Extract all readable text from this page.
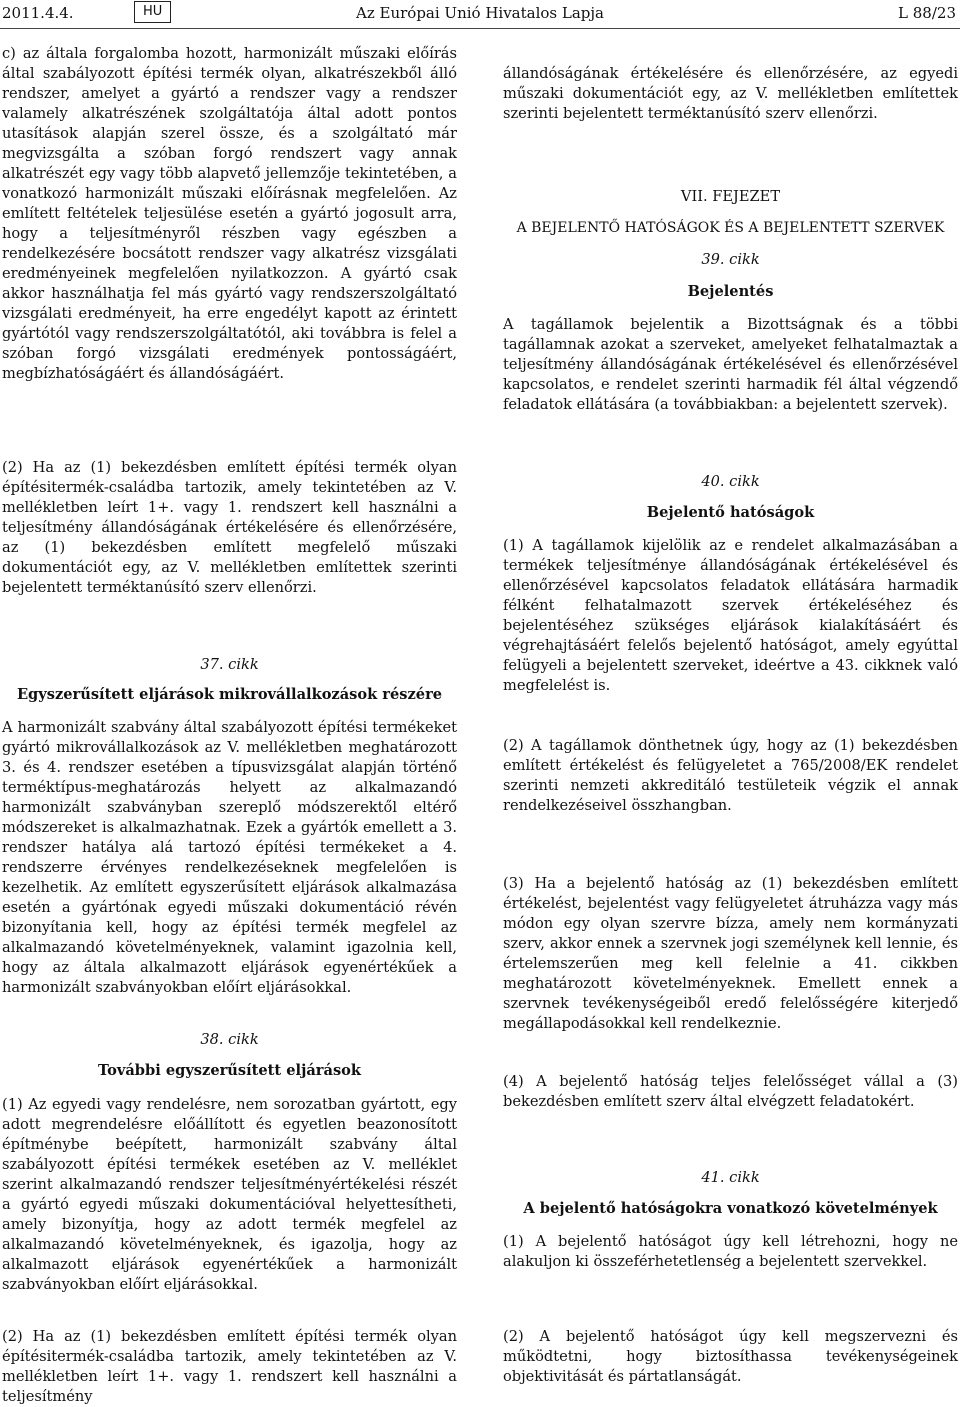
2011.4.4.	HU	Az Európai Unió Hivatalos Lapja	L 88/23

c) az általa forgalomba hozott, harmonizált műszaki előírás által szabályozott építési termék olyan, alkatrészekből álló rendszer, amelyet a gyártó a rendszer vagy a rendszer valamely alkatrészének szolgáltatója által adott pontos utasítások alapján szerel össze, és a szolgáltató már megvizsgálta a szóban forgó rendszert vagy annak alkatrészét egy vagy több alapvető jellemzője tekintetében, a vonatkozó harmonizált műszaki előírásnak megfelelően. Az említett feltételek teljesülése esetén a gyártó jogosult arra, hogy a teljesítményről részben vagy egészben a rendelkezésére bocsátott rendszer vagy alkatrész vizsgálati eredményeinek megfelelően nyilatkozzon. A gyártó csak akkor használhatja fel más gyártó vagy rendszerszolgáltató vizsgálati eredményeit, ha erre engedélyt kapott az érintett gyártótól vagy rendszerszolgáltatótól, aki továbbra is felel a szóban forgó vizsgálati eredmények pontosságáért, megbízhatóságáért és állandóságáért.

(2) Ha az (1) bekezdésben említett építési termék olyan építésitermék-családba tartozik, amely tekintetében az V. mellékletben leírt 1+. vagy 1. rendszert kell használni a teljesítmény állandóságának értékelésére és ellenőrzésére, az (1) bekezdésben említett megfelelő műszaki dokumentációt egy, az V. mellékletben említettek szerinti bejelentett terméktanúsító szerv ellenőrzi.

37. cikk

Egyszerűsített eljárások mikrovállalkozások részére

A harmonizált szabvány által szabályozott építési termékeket gyártó mikrovállalkozások az V. mellékletben meghatározott 3. és 4. rendszer esetében a típusvizsgálat alapján történő terméktípus-meghatározás helyett az alkalmazandó harmonizált szabványban szereplő módszerektől eltérő módszereket is alkalmazhatnak. Ezek a gyártók emellett a 3. rendszer hatálya alá tartozó építési termékeket a 4. rendszerre érvényes rendelkezéseknek megfelelően is kezelhetik. Az említett egyszerűsített eljárások alkalmazása esetén a gyártónak egyedi műszaki dokumentáció révén bizonyítania kell, hogy az építési termék megfelel az alkalmazandó követelményeknek, valamint igazolnia kell, hogy az általa alkalmazott eljárások egyenértékűek a harmonizált szabványokban előírt eljárásokkal.

38. cikk

További egyszerűsített eljárások

(1) Az egyedi vagy rendelésre, nem sorozatban gyártott, egy adott megrendelésre előállított és egyetlen beazonosított építménybe beépített, harmonizált szabvány által szabályozott építési termékek esetében az V. melléklet szerint alkalmazandó rendszer teljesítményértékelési részét a gyártó egyedi műszaki dokumentációval helyettesítheti, amely bizonyítja, hogy az adott termék megfelel az alkalmazandó követelményeknek, és igazolja, hogy az alkalmazott eljárások egyenértékűek a harmonizált szabványokban előírt eljárásokkal.

(2) Ha az (1) bekezdésben említett építési termék olyan építésitermék-családba tartozik, amely tekintetében az V. mellékletben leírt 1+. vagy 1. rendszert kell használni a teljesítmény

állandóságának értékelésére és ellenőrzésére, az egyedi műszaki dokumentációt egy, az V. mellékletben említettek szerinti bejelentett terméktanúsító szerv ellenőrzi.

VII. FEJEZET

A BEJELENTŐ HATÓSÁGOK ÉS A BEJELENTETT SZERVEK

39. cikk

Bejelentés

A tagállamok bejelentik a Bizottságnak és a többi tagállamnak azokat a szerveket, amelyeket felhatalmaztak a teljesítmény állandóságának értékelésével és ellenőrzésével kapcsolatos, e rendelet szerinti harmadik fél által végzendő feladatok ellátására (a továbbiakban: a bejelentett szervek).

40. cikk

Bejelentő hatóságok

(1) A tagállamok kijelölik az e rendelet alkalmazásában a termékek teljesítménye állandóságának értékelésével és ellenőrzésével kapcsolatos feladatok ellátására harmadik félként felhatalmazott szervek értékeléséhez és bejelentéséhez szükséges eljárások kialakításáért és végrehajtásáért felelős bejelentő hatóságot, amely egyúttal felügyeli a bejelentett szerveket, ideértve a 43. cikknek való megfelelést is.

(2) A tagállamok dönthetnek úgy, hogy az (1) bekezdésben említett értékelést és felügyeletet a 765/2008/EK rendelet szerinti nemzeti akkreditáló testületeik végzik el annak rendelkezéseivel összhangban.

(3) Ha a bejelentő hatóság az (1) bekezdésben említett értékelést, bejelentést vagy felügyeletet átruházza vagy más módon egy olyan szervre bízza, amely nem kormányzati szerv, akkor ennek a szervnek jogi személynek kell lennie, és értelemszerűen meg kell felelnie a 41. cikkben meghatározott követelményeknek. Emellett ennek a szervnek tevékenységeiből eredő felelősségére kiterjedő megállapodásokkal kell rendelkeznie.

(4) A bejelentő hatóság teljes felelősséget vállal a (3) bekezdésben említett szerv által elvégzett feladatokért.

41. cikk

A bejelentő hatóságokra vonatkozó követelmények

(1) A bejelentő hatóságot úgy kell létrehozni, hogy ne alakuljon ki összeférhetetlenség a bejelentett szervekkel.

(2) A bejelentő hatóságot úgy kell megszervezni és működtetni, hogy biztosíthassa tevékenységeinek objektivitását és pártatlanságát.
